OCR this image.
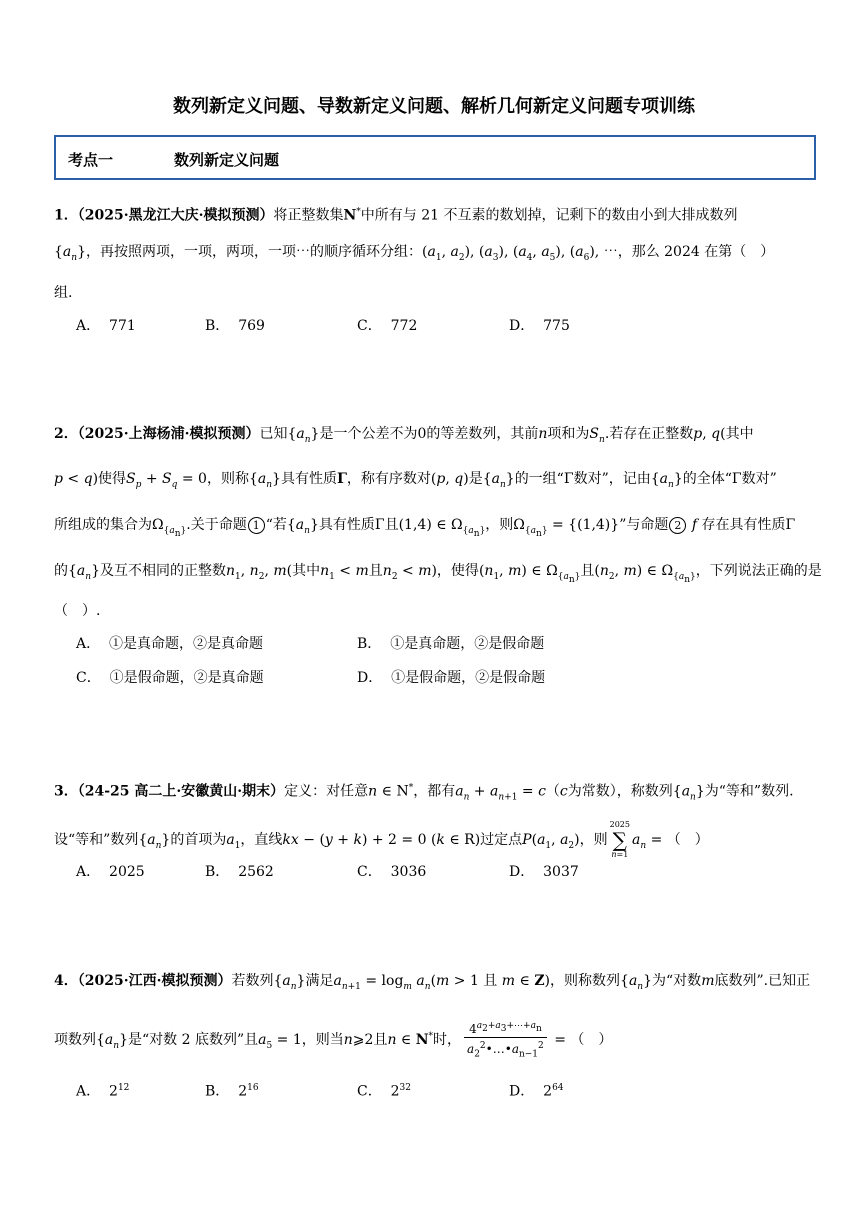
数列新定义问题、导数新定义问题、解析几何新定义问题专项训练
考点一	数列新定义问题
1．（2025·黑龙江大庆·模拟预测）将正整数集N*中所有与 21 不互素的数划掉，记剩下的数由小到大排成数列
$\{a_n\}$，再按照两项，一项，两项，一项⋯的顺序循环分组：($a_1$, $a_2$), $(a_3)$, ($a_4$, $a_5$), $(a_6)$, ⋯，那么 2024 在第（　）
组.
A． 771	B． 769	C． 772	D． 775
2．（2025·上海杨浦·模拟预测）已知$\{a_n\}$是一个公差不为0的等差数列，其前n项和为$S_n$.若存在正整数p, q(其中
p < q)使得$S_p + S_q = 0$，则称$\{a_n\}$具有性质Γ，称有序数对(p, q)是$\{a_n\}$的一组“Γ数对”，记由$\{a_n\}$的全体“Γ数对”
所组成的集合为$\Omega_{\{a_n\}}$.关于命题 1 “若$\{a_n\}$具有性质Γ且(1,4) ∈ $\Omega_{\{a_n\}}$，则$\Omega_{\{a_n\}} = \{(1,4)\}$”与命题 2 f 存在具有性质Γ
的$\{a_n\}$及互不相同的正整数$n_1$, $n_2$, m(其中$n_1 < m$且$n_2 < m$)，使得($n_1$, m) ∈ $\Omega_{\{a_n\}}$且($n_2$, m) ∈ $\Omega_{\{a_n\}}$，下列说法正确的是
（　）.
A． ①是真命题，②是真命题	B． ①是真命题，②是假命题
C． ①是假命题，②是真命题	D． ①是假命题，②是假命题
3．（24-25 高二上·安徽黄山·期末）定义：对任意n ∈ N*，都有$a_n + a_{n+1} = c(c$为常数），称数列$\{a_n\}$为“等和”数列.
设“等和”数列$\{a_n\}$的首项为$a_1$，直线kx − (y + k) + 2 = 0 (k ∈ R)过定点$P(a_1$, $a_2$)，则
2025
∑
n=1
$a_n$ = （　）
A． 2025	B． 2562	C． 3036	D． 3037
4．（2025·江西·模拟预测）若数列$\{a_n\}$满足$a_{n+1} = \log_m a_n(m > 1$ 且 m ∈ Z)，则称数列$\{a_n\}$为“对数m底数列”.已知正
项数列$\{a_n\}$是“对数 2 底数列”且$a_5 = 1$，则当n⩾2且n ∈ N*时， $\frac{4^{a_2+a_3+\cdots+a_n}}{a_2^2•\dots•a_{n-1}^2}$ = （　）
A． $2^{12}$	B． $2^{16}$	C． $2^{32}$	D． $2^{64}$
